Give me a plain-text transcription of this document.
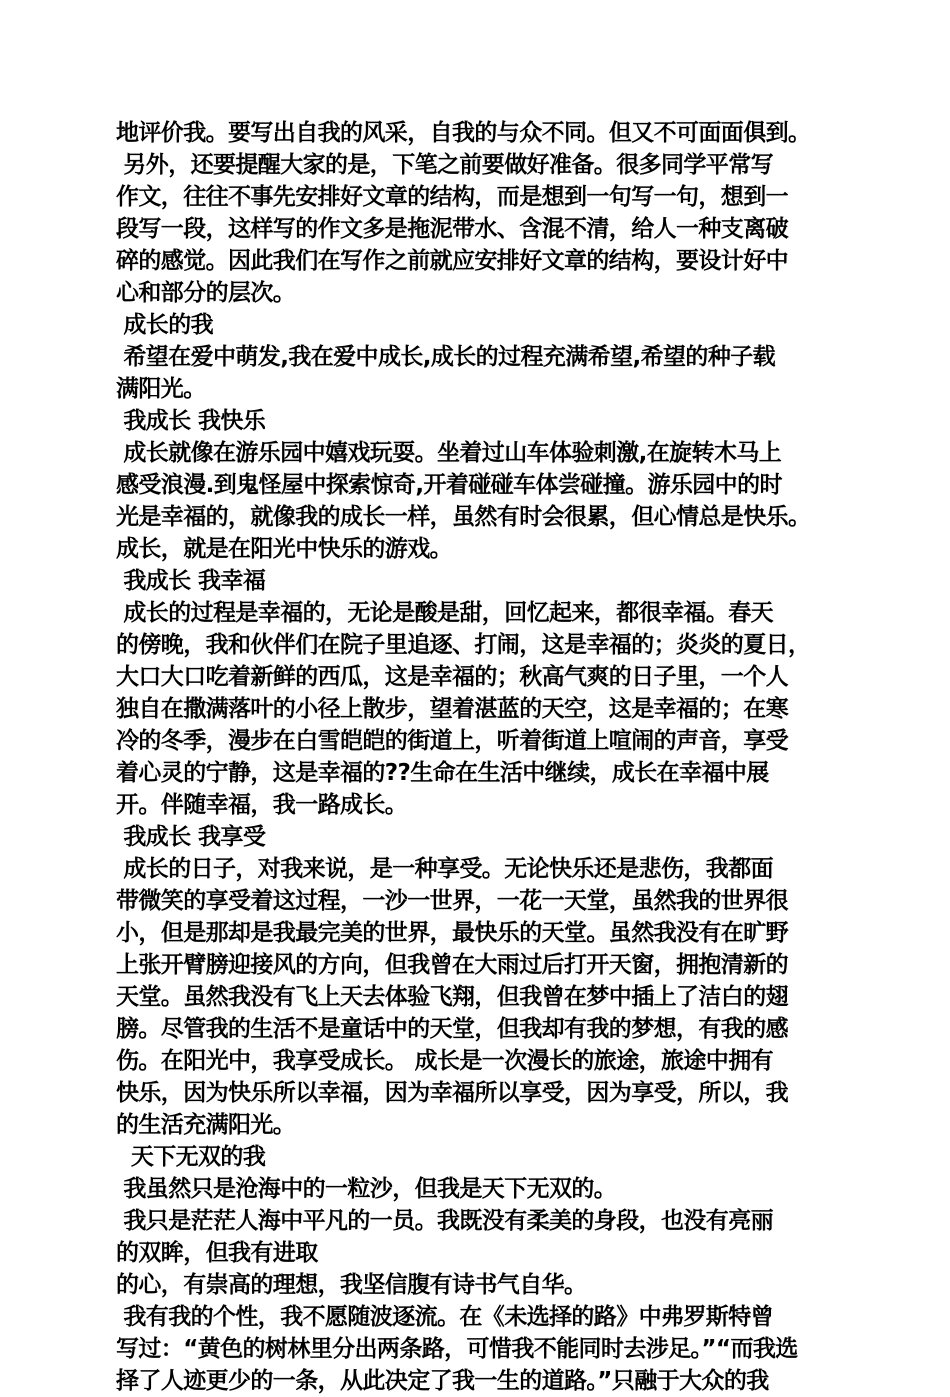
地评价我。要写出自我的风采，自我的与众不同。但又不可面面俱到。
另外，还要提醒大家的是，下笔之前要做好准备。很多同学平常写
作文，往往不事先安排好文章的结构，而是想到一句写一句，想到一
段写一段，这样写的作文多是拖泥带水、含混不清，给人一种支离破
碎的感觉。因此我们在写作之前就应安排好文章的结构，要设计好中
心和部分的层次。
成长的我
希望在爱中萌发,我在爱中成长,成长的过程充满希望,希望的种子载
满阳光。
我成长 我快乐
成长就像在游乐园中嬉戏玩耍。坐着过山车体验刺激,在旋转木马上
感受浪漫.到鬼怪屋中探索惊奇,开着碰碰车体尝碰撞。游乐园中的时
光是幸福的，就像我的成长一样，虽然有时会很累，但心情总是快乐。
成长，就是在阳光中快乐的游戏。
我成长 我幸福
成长的过程是幸福的，无论是酸是甜，回忆起来，都很幸福。春天
的傍晚，我和伙伴们在院子里追逐、打闹，这是幸福的；炎炎的夏日，
大口大口吃着新鲜的西瓜，这是幸福的；秋高气爽的日子里，一个人
独自在撒满落叶的小径上散步，望着湛蓝的天空，这是幸福的；在寒
冷的冬季，漫步在白雪皑皑的街道上，听着街道上喧闹的声音，享受
着心灵的宁静，这是幸福的??生命在生活中继续，成长在幸福中展
开。伴随幸福，我一路成长。
我成长 我享受
成长的日子，对我来说，是一种享受。无论快乐还是悲伤，我都面
带微笑的享受着这过程，一沙一世界，一花一天堂，虽然我的世界很
小，但是那却是我最完美的世界，最快乐的天堂。虽然我没有在旷野
上张开臂膀迎接风的方向，但我曾在大雨过后打开天窗，拥抱清新的
天堂。虽然我没有飞上天去体验飞翔，但我曾在梦中插上了洁白的翅
膀。尽管我的生活不是童话中的天堂，但我却有我的梦想，有我的感
伤。在阳光中，我享受成长。 成长是一次漫长的旅途，旅途中拥有
快乐，因为快乐所以幸福，因为幸福所以享受，因为享受，所以，我
的生活充满阳光。
天下无双的我
我虽然只是沧海中的一粒沙，但我是天下无双的。
我只是茫茫人海中平凡的一员。我既没有柔美的身段，也没有亮丽
的双眸，但我有进取
的心，有崇高的理想，我坚信腹有诗书气自华。
我有我的个性，我不愿随波逐流。在《未选择的路》中弗罗斯特曾
写过：“黄色的树林里分出两条路，可惜我不能同时去涉足。”“而我选
择了人迹更少的一条，从此决定了我一生的道路。”只融于大众的我
